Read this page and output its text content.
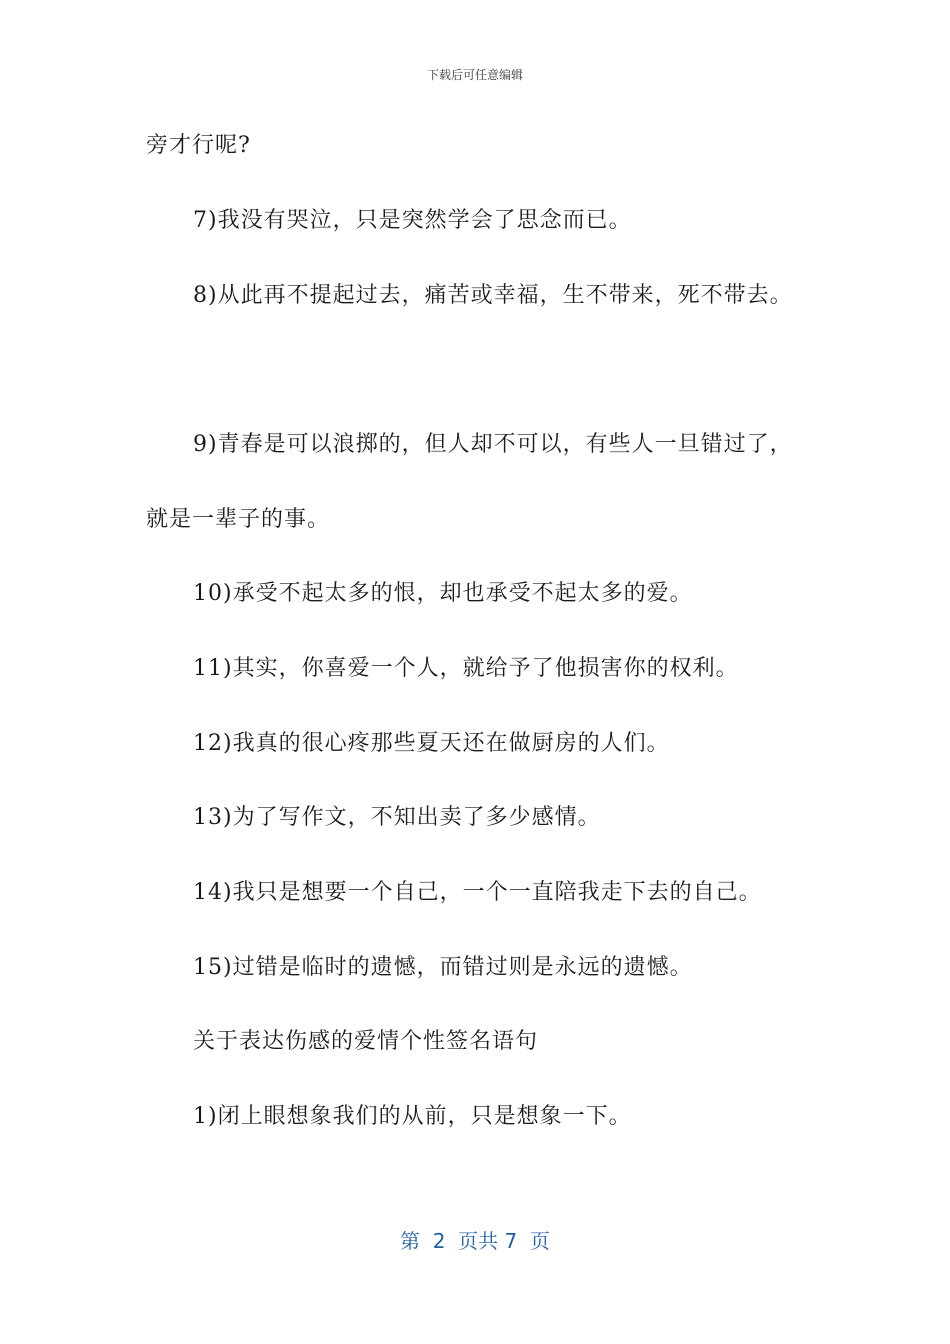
下载后可任意编辑
旁才行呢?
7)我没有哭泣，只是突然学会了思念而已。
8)从此再不提起过去，痛苦或幸福，生不带来，死不带去。
9)青春是可以浪掷的，但人却不可以，有些人一旦错过了，
就是一辈子的事。
10)承受不起太多的恨，却也承受不起太多的爱。
11)其实，你喜爱一个人，就给予了他损害你的权利。
12)我真的很心疼那些夏天还在做厨房的人们。
13)为了写作文，不知出卖了多少感情。
14)我只是想要一个自己，一个一直陪我走下去的自己。
15)过错是临时的遗憾，而错过则是永远的遗憾。
关于表达伤感的爱情个性签名语句
1)闭上眼想象我们的从前，只是想象一下。
第  2  页共 7  页
